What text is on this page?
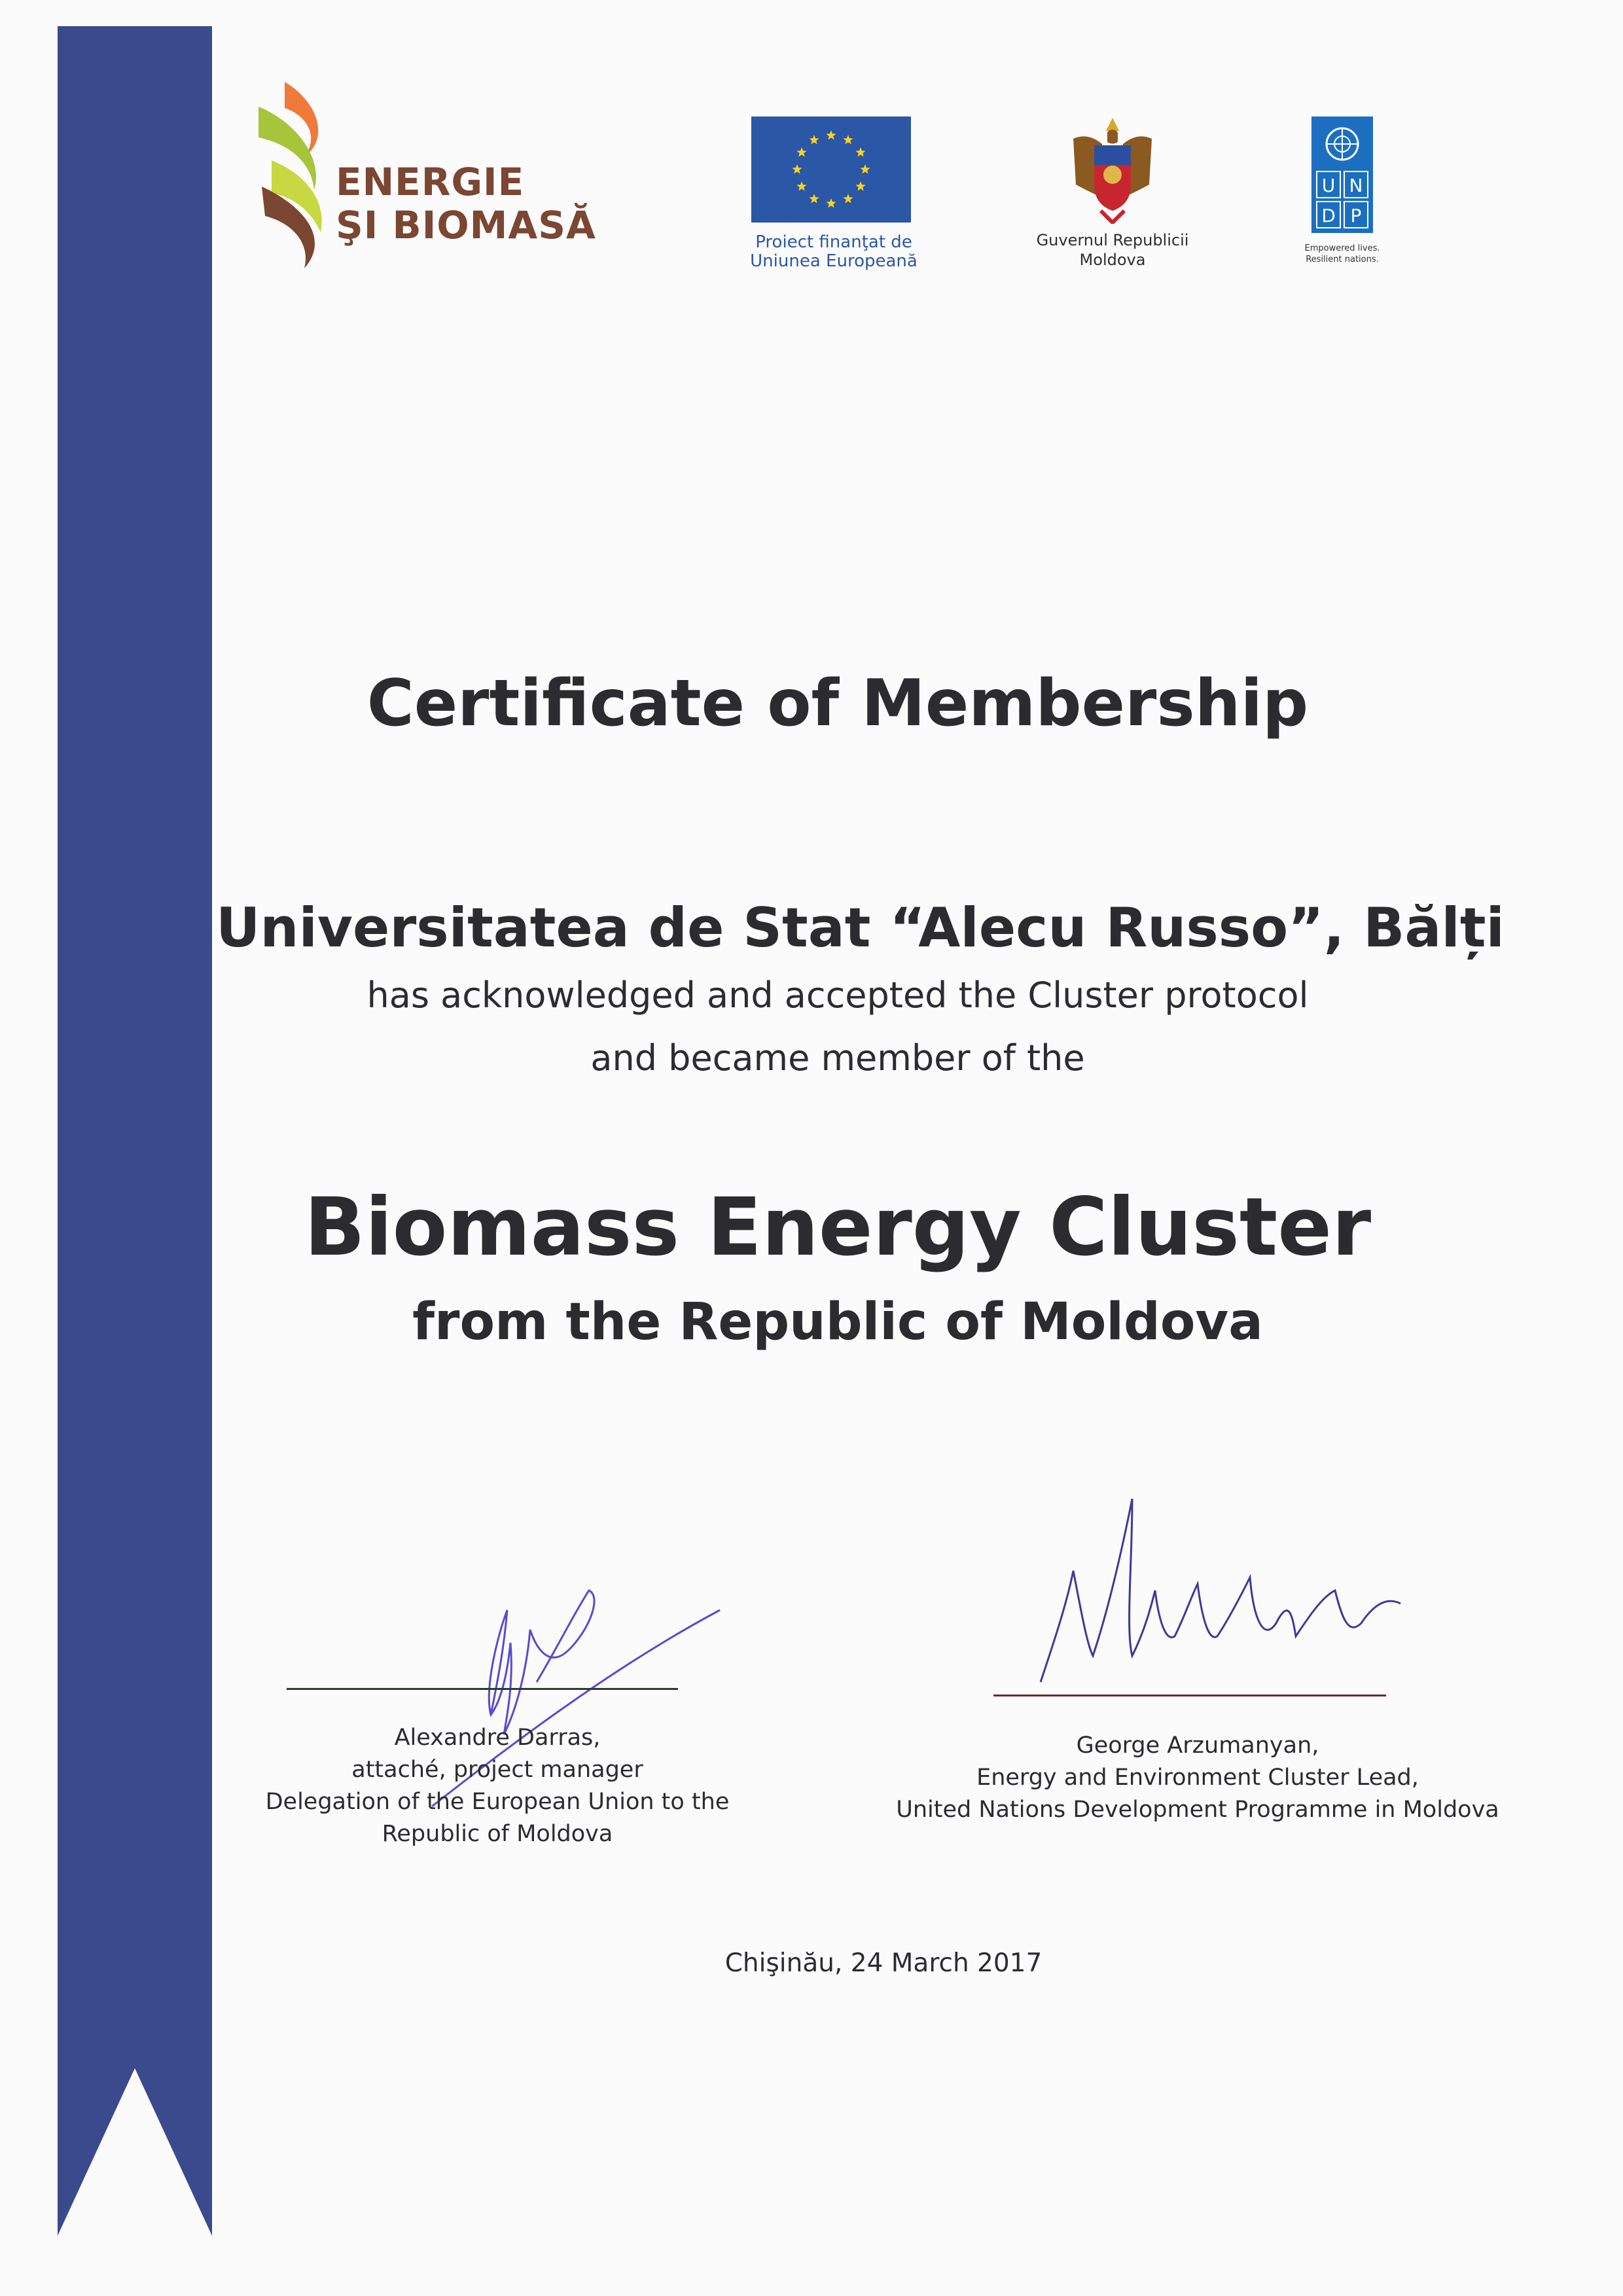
ENERGIE
ŞI BIOMASĂ	Proiect finanţat de
Uniunea Europeană
Guvernul Republicii
Moldova
U N
D P
Empowered lives.
Resilient nations.
Certificate of Membership
Universitatea de Stat “Alecu Russo”, Bălți
has acknowledged and accepted the Cluster protocol
and became member of the
Biomass Energy Cluster
from the Republic of Moldova
Alexandre Darras,
attaché, project manager
Delegation of the European Union to the
Republic of Moldova
George Arzumanyan,
Energy and Environment Cluster Lead,
United Nations Development Programme in Moldova
Chişinău, 24 March 2017
